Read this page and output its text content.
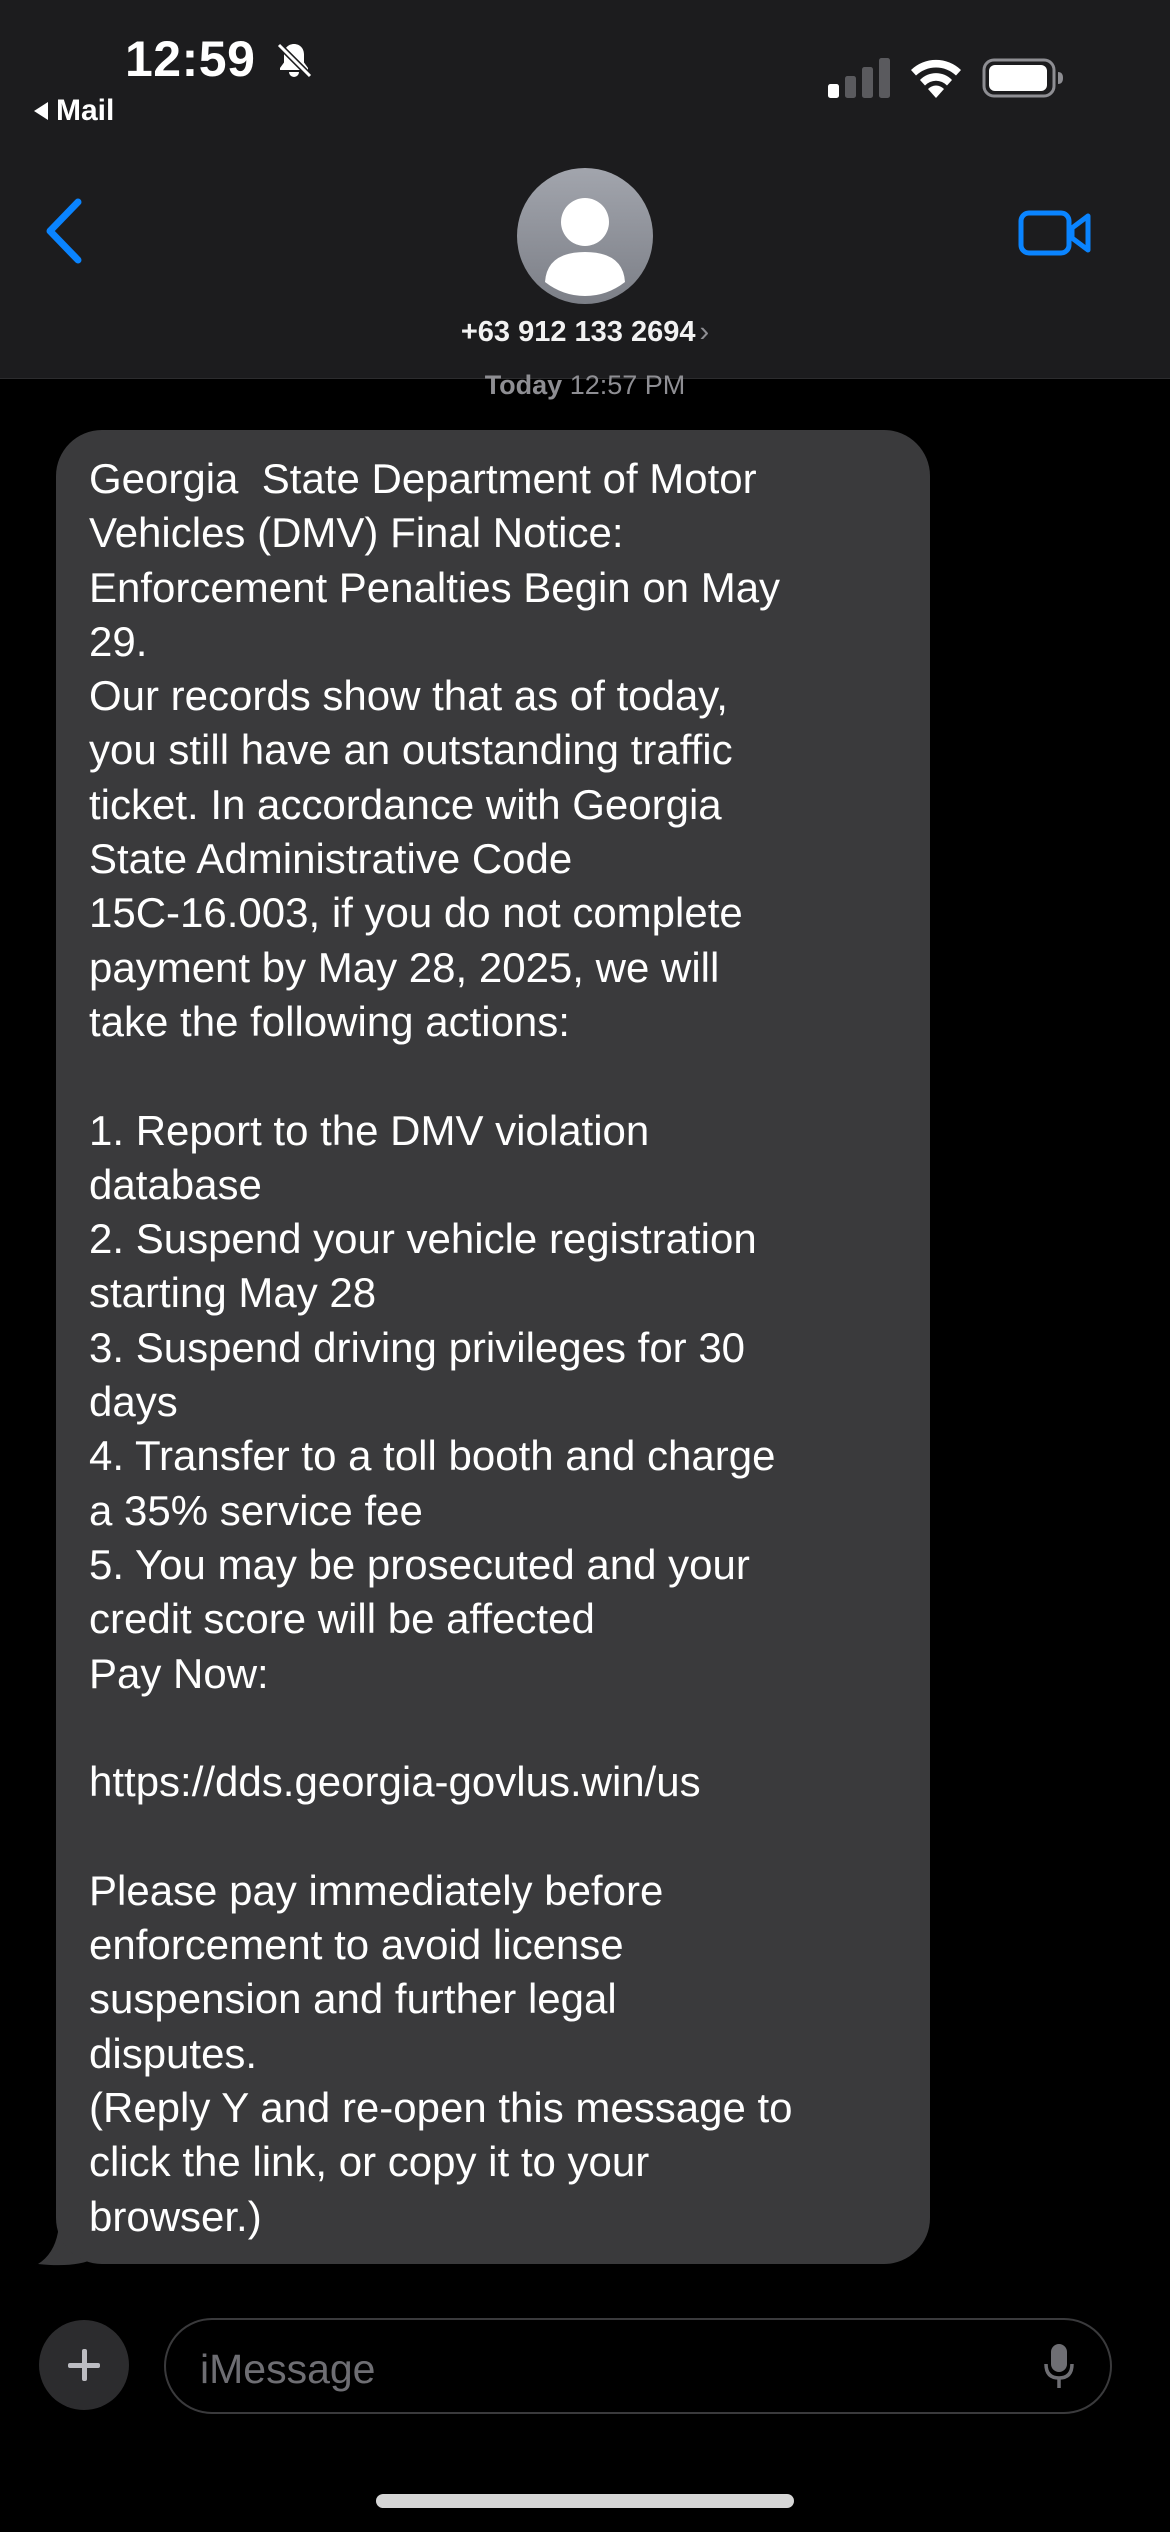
12:59
Mail
+63 912 133 2694 ›
Today 12:57 PM

Georgia  State Department of Motor
Vehicles (DMV) Final Notice:
Enforcement Penalties Begin on May
29.
Our records show that as of today,
you still have an outstanding traffic
ticket. In accordance with Georgia
State Administrative Code
15C-16.003, if you do not complete
payment by May 28, 2025, we will
take the following actions:

1. Report to the DMV violation
database
2. Suspend your vehicle registration
starting May 28
3. Suspend driving privileges for 30
days
4. Transfer to a toll booth and charge
a 35% service fee
5. You may be prosecuted and your
credit score will be affected
Pay Now:

https://dds.georgia-govlus.win/us

Please pay immediately before
enforcement to avoid license
suspension and further legal
disputes.
(Reply Y and re-open this message to
click the link, or copy it to your
browser.)

iMessage
